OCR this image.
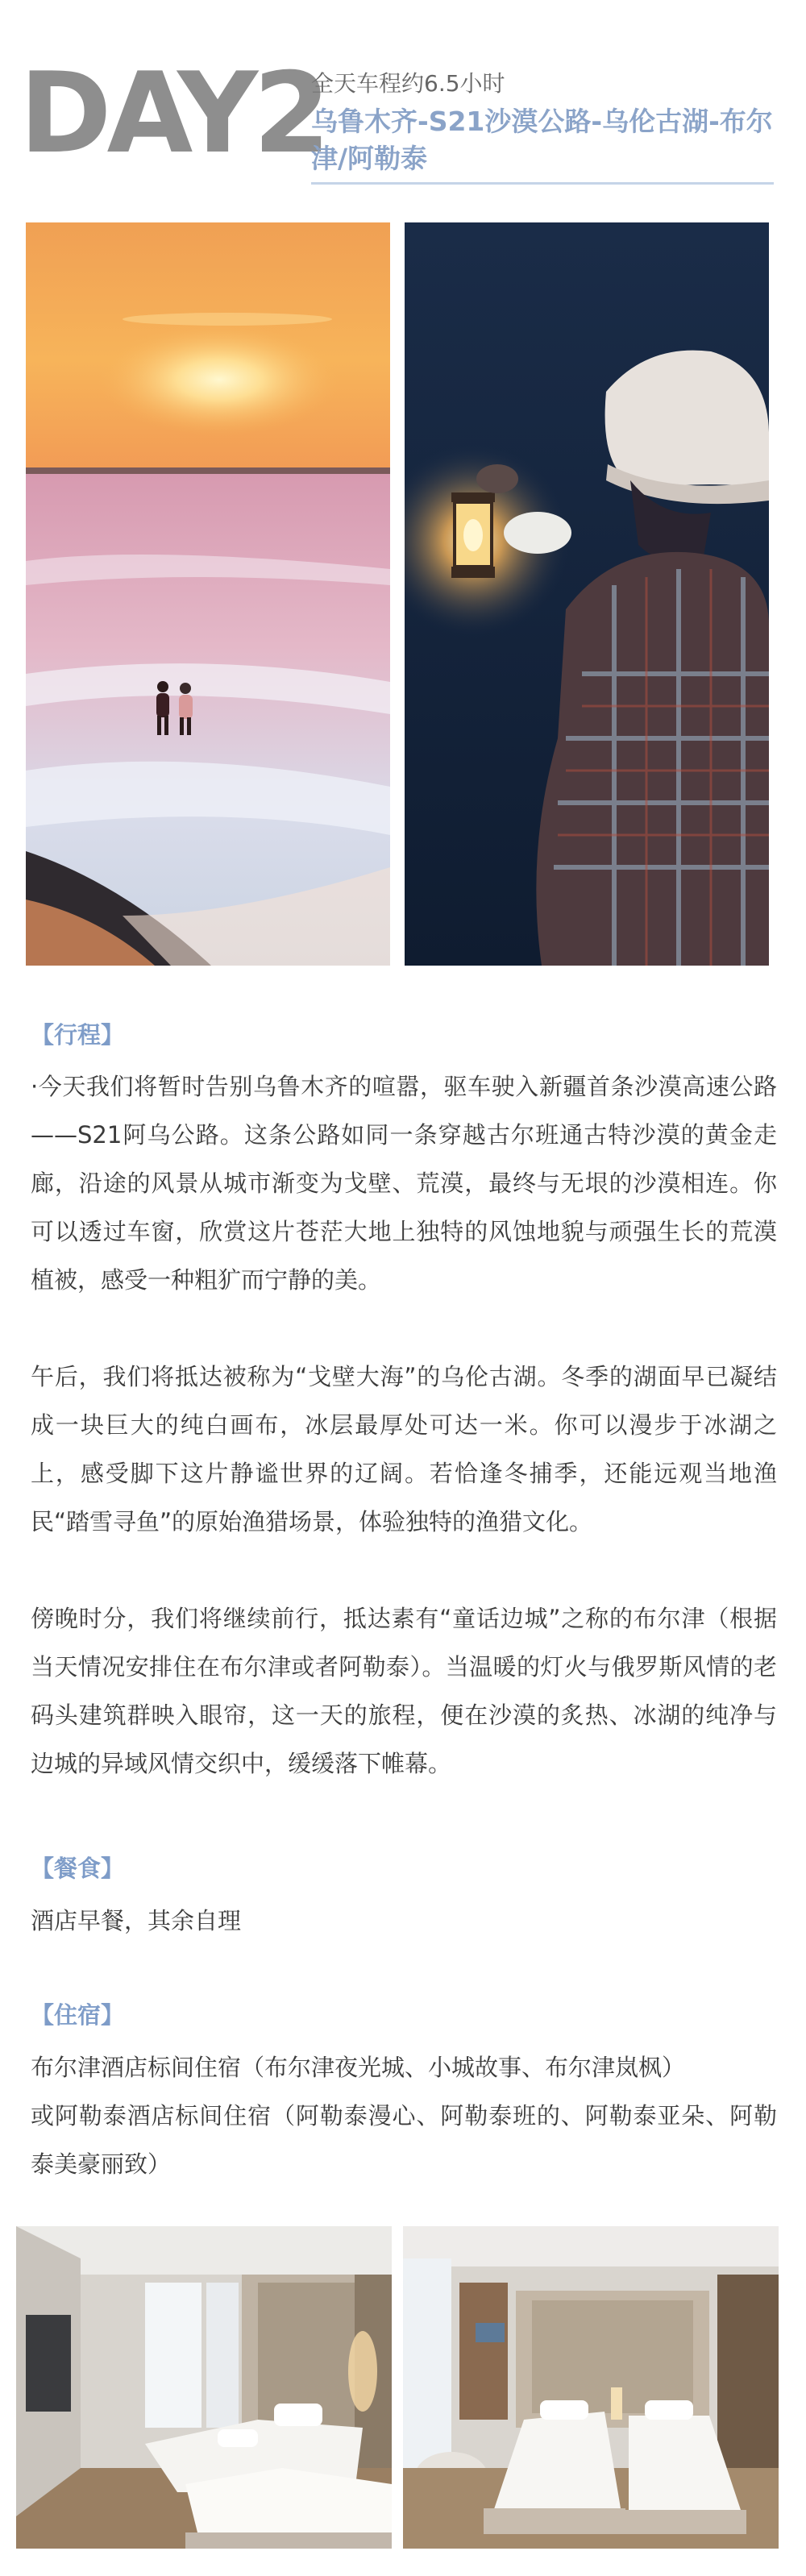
DAY2
全天车程约6.5小时
乌鲁木齐-S21沙漠公路-乌伦古湖-布尔津/阿勒泰
【行程】

·今天我们将暂时告别乌鲁木齐的喧嚣，驱车驶入新疆首条沙漠高速公路——S21阿乌公路。这条公路如同一条穿越古尔班通古特沙漠的黄金走廊，沿途的风景从城市渐变为戈壁、荒漠，最终与无垠的沙漠相连。你可以透过车窗，欣赏这片苍茫大地上独特的风蚀地貌与顽强生长的荒漠植被，感受一种粗犷而宁静的美。

午后，我们将抵达被称为“戈壁大海”的乌伦古湖。冬季的湖面早已凝结成一块巨大的纯白画布，冰层最厚处可达一米。你可以漫步于冰湖之上，感受脚下这片静谧世界的辽阔。若恰逢冬捕季，还能远观当地渔民“踏雪寻鱼”的原始渔猎场景，体验独特的渔猎文化。

傍晚时分，我们将继续前行，抵达素有“童话边城”之称的布尔津（根据当天情况安排住在布尔津或者阿勒泰）。当温暖的灯火与俄罗斯风情的老码头建筑群映入眼帘，这一天的旅程，便在沙漠的炙热、冰湖的纯净与边城的异域风情交织中，缓缓落下帷幕。

【餐食】

酒店早餐，其余自理

【住宿】

布尔津酒店标间住宿（布尔津夜光城、小城故事、布尔津岚枫）

或阿勒泰酒店标间住宿（阿勒泰漫心、阿勒泰班的、阿勒泰亚朵、阿勒泰美豪丽致）
